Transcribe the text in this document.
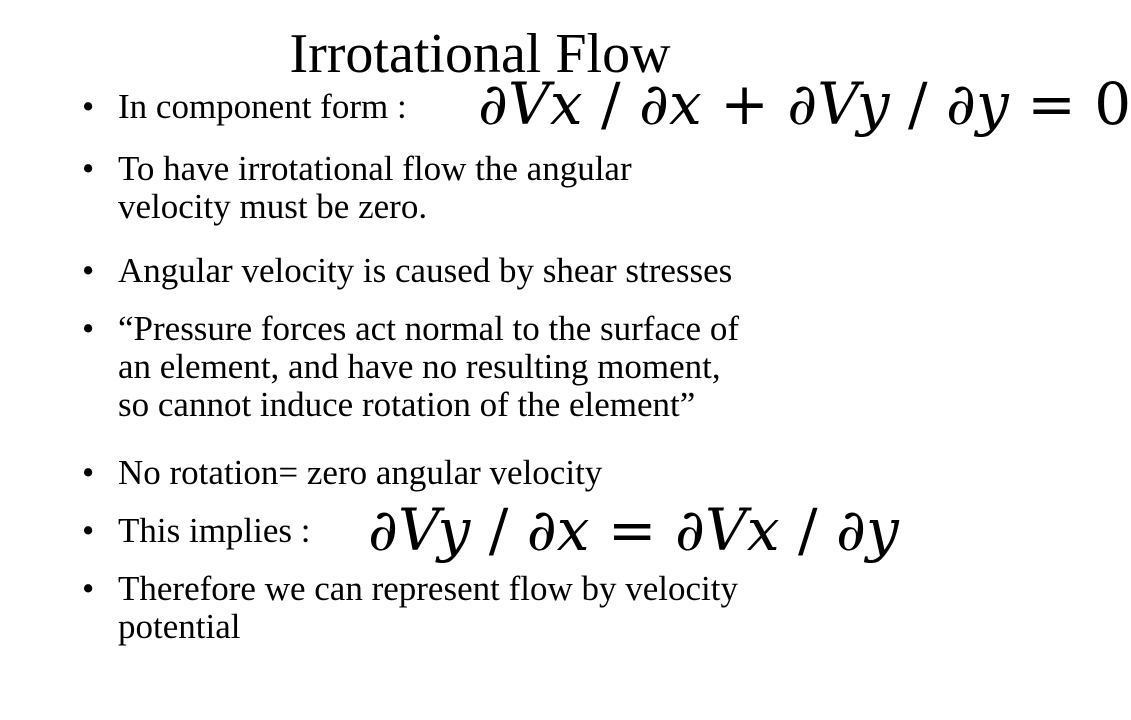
Irrotational Flow
• In component form :	∂Vx / ∂x + ∂Vy / ∂y = 0
• To have irrotational flow the angular
velocity must be zero.
• Angular velocity is caused by shear stresses
• “Pressure forces act normal to the surface of
an element, and have no resulting moment,
so cannot induce rotation of the element”
• No rotation= zero angular velocity
• This implies : ∂Vy / ∂x = ∂Vx / ∂y
• Therefore we can represent flow by velocity
potential
